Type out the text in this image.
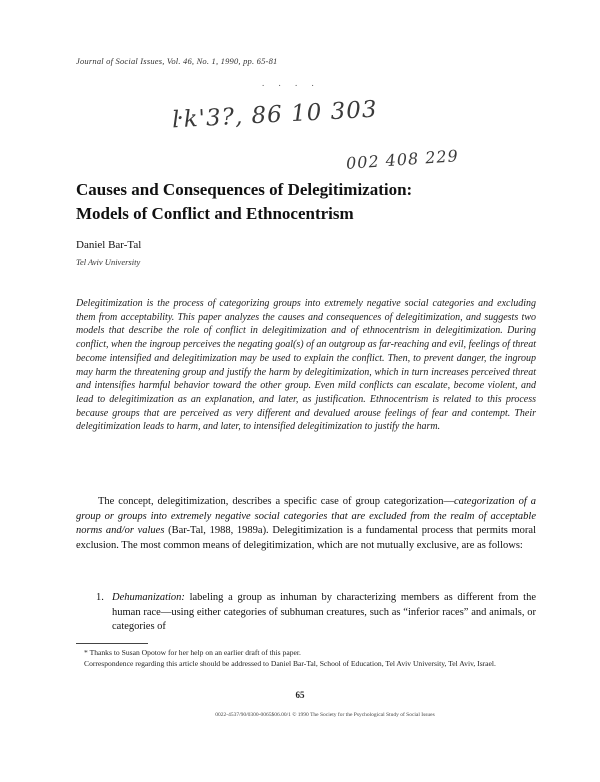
Journal of Social Issues, Vol. 46, No. 1, 1990, pp. 65-81
. . . .
ŀk'3?, 86 10 303
002 408 229
Causes and Consequences of Delegitimization:
Models of Conflict and Ethnocentrism
Daniel Bar-Tal
Tel Aviv University
Delegitimization is the process of categorizing groups into extremely negative social categories and excluding them from acceptability. This paper analyzes the causes and consequences of delegitimization, and suggests two models that describe the role of conflict in delegitimization and of ethnocentrism in delegitimization. During conflict, when the ingroup perceives the negating goal(s) of an outgroup as far-reaching and evil, feelings of threat become intensified and delegitimization may be used to explain the conflict. Then, to prevent danger, the ingroup may harm the threatening group and justify the harm by delegitimization, which in turn increases perceived threat and intensifies harmful behavior toward the other group. Even mild conflicts can escalate, become violent, and lead to delegitimization as an explanation, and later, as justification. Ethnocentrism is related to this process because groups that are perceived as very different and devalued arouse feelings of fear and contempt. Their delegitimization leads to harm, and later, to intensified delegitimization to justify the harm.
The concept, delegitimization, describes a specific case of group categorization—categorization of a group or groups into extremely negative social categories that are excluded from the realm of acceptable norms and/or values (Bar-Tal, 1988, 1989a). Delegitimization is a fundamental process that permits moral exclusion. The most common means of delegitimization, which are not mutually exclusive, are as follows:
1. Dehumanization: labeling a group as inhuman by characterizing members as different from the human race—using either categories of subhuman creatures, such as “inferior races” and animals, or categories of

* Thanks to Susan Opotow for her help on an earlier draft of this paper.

Correspondence regarding this article should be addressed to Daniel Bar-Tal, School of Education, Tel Aviv University, Tel Aviv, Israel.

65
0022-4537/90/0300-0065$06.00/1 © 1990 The Society for the Psychological Study of Social Issues
